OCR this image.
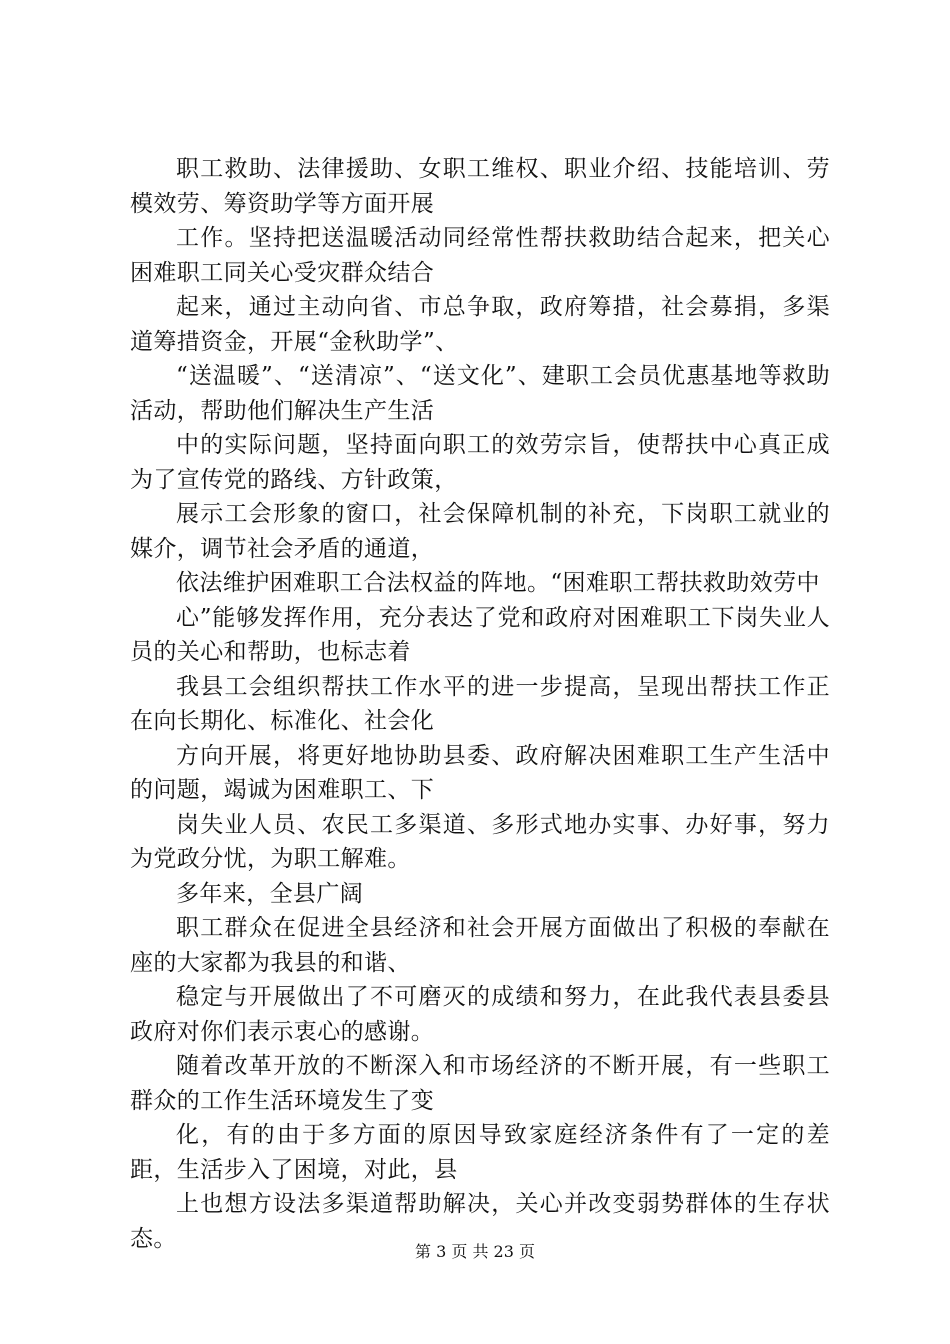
职工救助、法律援助、女职工维权、职业介绍、技能培训、劳模效劳、筹资助学等方面开展

工作。坚持把送温暖活动同经常性帮扶救助结合起来，把关心困难职工同关心受灾群众结合

起来，通过主动向省、市总争取，政府筹措，社会募捐，多渠道筹措资金，开展“金秋助学”、

“送温暖”、“送清凉”、“送文化”、建职工会员优惠基地等救助活动，帮助他们解决生产生活

中的实际问题，坚持面向职工的效劳宗旨，使帮扶中心真正成为了宣传党的路线、方针政策，

展示工会形象的窗口，社会保障机制的补充，下岗职工就业的媒介，调节社会矛盾的通道，

依法维护困难职工合法权益的阵地。“困难职工帮扶救助效劳中

心”能够发挥作用，充分表达了党和政府对困难职工下岗失业人员的关心和帮助，也标志着

我县工会组织帮扶工作水平的进一步提高，呈现出帮扶工作正在向长期化、标准化、社会化

方向开展，将更好地协助县委、政府解决困难职工生产生活中的问题，竭诚为困难职工、下

岗失业人员、农民工多渠道、多形式地办实事、办好事，努力为党政分忧，为职工解难。

多年来，全县广阔

职工群众在促进全县经济和社会开展方面做出了积极的奉献在座的大家都为我县的和谐、

稳定与开展做出了不可磨灭的成绩和努力，在此我代表县委县政府对你们表示衷心的感谢。

随着改革开放的不断深入和市场经济的不断开展，有一些职工群众的工作生活环境发生了变

化，有的由于多方面的原因导致家庭经济条件有了一定的差距，生活步入了困境，对此，县

上也想方设法多渠道帮助解决，关心并改变弱势群体的生存状态。	第 3 页 共 23 页
